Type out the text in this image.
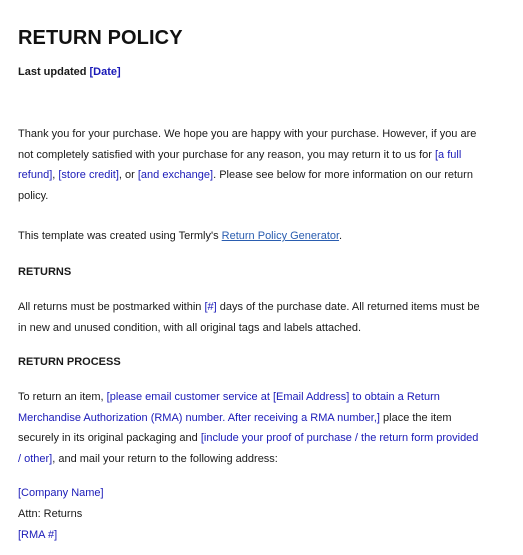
RETURN POLICY
Last updated [Date]

Thank you for your purchase. We hope you are happy with your purchase. However, if you are
not completely satisfied with your purchase for any reason, you may return it to us for [a full
refund], [store credit], or [and exchange]. Please see below for more information on our return
policy.

This template was created using Termly's Return Policy Generator.

RETURNS

All returns must be postmarked within [#] days of the purchase date. All returned items must be
in new and unused condition, with all original tags and labels attached.

RETURN PROCESS

To return an item, [please email customer service at [Email Address] to obtain a Return
Merchandise Authorization (RMA) number. After receiving a RMA number,] place the item
securely in its original packaging and [include your proof of purchase / the return form provided
/ other], and mail your return to the following address:

[Company Name]
Attn: Returns
[RMA #]
